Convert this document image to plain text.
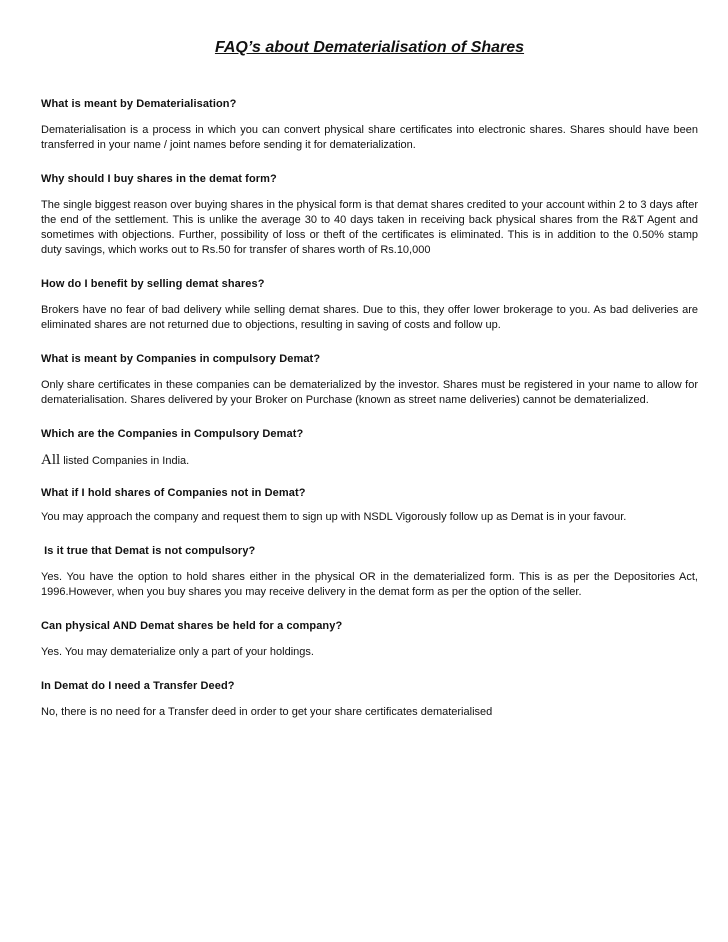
FAQ’s about Dematerialisation of Shares

What is meant by Dematerialisation?

Dematerialisation is a process in which you can convert physical share certificates into electronic shares. Shares should have been transferred in your name / joint names before sending it for dematerialization.

Why should I buy shares in the demat form?

The single biggest reason over buying shares in the physical form is that demat shares credited to your account within 2 to 3 days after the end of the settlement. This is unlike the average 30 to 40 days taken in receiving back physical shares from the R&T Agent and sometimes with objections. Further, possibility of loss or theft of the certificates is eliminated. This is in addition to the 0.50% stamp duty savings, which works out to Rs.50 for transfer of shares worth of Rs.10,000

How do I benefit by selling demat shares?

Brokers have no fear of bad delivery while selling demat shares. Due to this, they offer lower brokerage to you. As bad deliveries are eliminated shares are not returned due to objections, resulting in saving of costs and follow up.

What is meant by Companies in compulsory Demat?

Only share certificates in these companies can be dematerialized by the investor. Shares must be registered in your name to allow for dematerialisation. Shares delivered by your Broker on Purchase (known as street name deliveries) cannot be dematerialized.

Which are the Companies in Compulsory Demat?

All listed Companies in India.

What if I hold shares of Companies not in Demat?

You may approach the company and request them to sign up with NSDL Vigorously follow up as Demat is in your favour.

Is it true that Demat is not compulsory?

Yes. You have the option to hold shares either in the physical OR in the dematerialized form. This is as per the Depositories Act, 1996.However, when you buy shares you may receive delivery in the demat form as per the option of the seller.

Can physical AND Demat shares be held for a company?

Yes. You may dematerialize only a part of your holdings.

In Demat do I need a Transfer Deed?

No, there is no need for a Transfer deed in order to get your share certificates dematerialised
